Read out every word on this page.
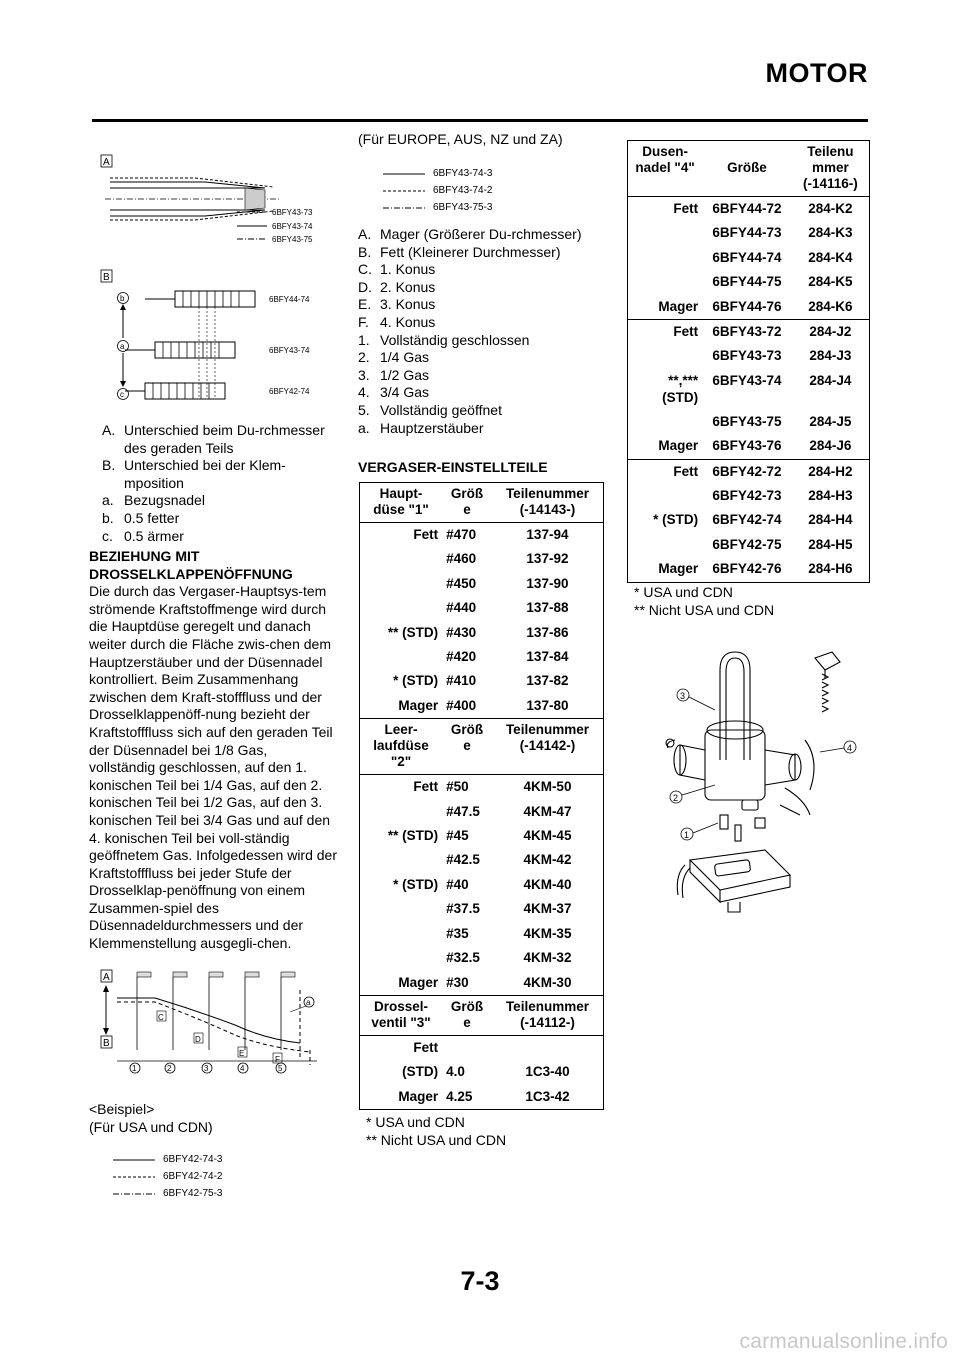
MOTOR
A
6BFY43-73
6BFY43-74
6BFY43-75
B
6BFY44-74
6BFY43-74
6BFY42-74
b
a
c
A. Unterschied beim Du-rchmesser des geraden Teils
B. Unterschied bei der Klem-mposition
a. Bezugsnadel
b. 0.5 fetter
c. 0.5 ärmer
BEZIEHUNG MIT DROSSELKLAPPENÖFFNUNG
Die durch das Vergaser-Hauptsys-tem strömende Kraftstoffmenge wird durch die Hauptdüse geregelt und danach weiter durch die Fläche zwis-chen dem Hauptzerstäuber und der Düsennadel kontrolliert. Beim Zusammenhang zwischen dem Kraft-stofffluss und der Drosselklappenöff-nung bezieht der Kraftstofffluss sich auf den geraden Teil der Düsennadel bei 1/8 Gas, vollständig geschlossen, auf den 1. konischen Teil bei 1/4 Gas, auf den 2. konischen Teil bei 1/2 Gas, auf den 3. konischen Teil bei 3/4 Gas und auf den 4. konischen Teil bei voll-ständig geöffnetem Gas. Infolgedessen wird der Kraftstofffluss bei jeder Stufe der Drosselklap-penöffnung von einem Zusammen-spiel des Düsennadeldurchmessers und der Klemmenstellung ausgegli-chen.
A
B
C
D
E
F
a
1	2	3	4	5
<Beispiel>
(Für USA und CDN)
6BFY42-74-3
6BFY42-74-2
6BFY42-75-3
(Für EUROPE, AUS, NZ und ZA)
6BFY43-74-3
6BFY43-74-2
6BFY43-75-3
A. Mager (Größerer Du-rchmesser)
B. Fett (Kleinerer Durchmesser)
C. 1. Konus
D. 2. Konus
E. 3. Konus
F. 4. Konus
1. Vollständig geschlossen
2. 1/4 Gas
3. 1/2 Gas
4. 3/4 Gas
5. Vollständig geöffnet
a. Hauptzerstäuber
VERGASER-EINSTELLTEILE
Haupt-düse "1"	Größ e	Teilenummer (-14143-)
Fett	#470	137-94
	#460	137-92
	#450	137-90
	#440	137-88
** (STD)	#430	137-86
	#420	137-84
* (STD)	#410	137-82
Mager	#400	137-80
Leer-laufdüse "2"	Größ e	Teilenummer (-14142-)
Fett	#50	4KM-50
	#47.5	4KM-47
** (STD)	#45	4KM-45
	#42.5	4KM-42
* (STD)	#40	4KM-40
	#37.5	4KM-37
	#35	4KM-35
	#32.5	4KM-32
Mager	#30	4KM-30
Drossel-ventil "3"	Größ e	Teilenummer (-14112-)
Fett		
(STD)	4.0	1C3-40
Mager	4.25	1C3-42
* USA und CDN
** Nicht USA und CDN
Dusen-nadel "4"	Größe	Teilenu mmer (-14116-)
Fett	6BFY44-72	284-K2
	6BFY44-73	284-K3
	6BFY44-74	284-K4
	6BFY44-75	284-K5
Mager	6BFY44-76	284-K6
Fett	6BFY43-72	284-J2
	6BFY43-73	284-J3
**,*** (STD)	6BFY43-74	284-J4
	6BFY43-75	284-J5
Mager	6BFY43-76	284-J6
Fett	6BFY42-72	284-H2
	6BFY42-73	284-H3
* (STD)	6BFY42-74	284-H4
	6BFY42-75	284-H5
Mager	6BFY42-76	284-H6
* USA und CDN
** Nicht USA und CDN
3
4
2
1
7-3
carmanualsonline.info
